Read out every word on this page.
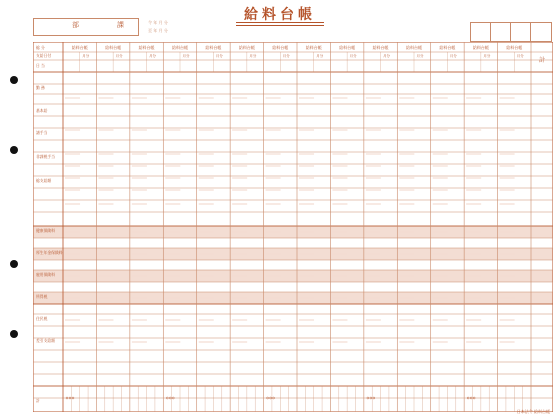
部	課	令 年 月 分
至 年 月 分
給料台帳
給料台帳
月分
給料台帳
月分
給料台帳
月分
給料台帳
月分
給料台帳
月分
給料台帳
月分
給料台帳
月分
給料台帳
月分
給料台帳
月分
給料台帳
月分
給料台帳
月分
給料台帳
月分
給料台帳
月分
給料台帳
月分
計
総 分
支給日付
日 当
勤 務
基本給
諸手当
非課税手当
総支給額
健康保険料
厚生年金保険料
雇用保険料
所得税
住民税
差引支給額
計
日本法令 給料台帳
